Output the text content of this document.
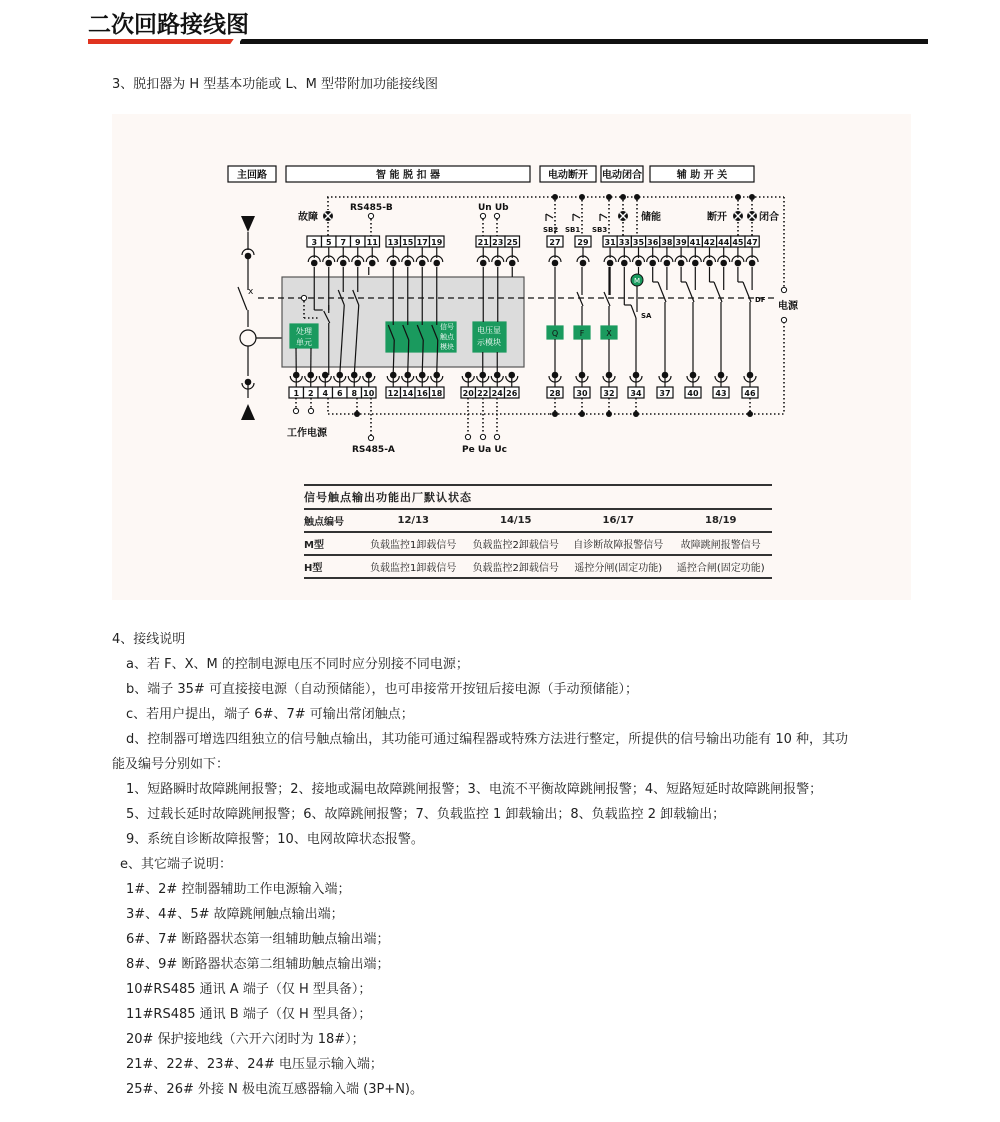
二次回路接线图
3、脱扣器为 H 型基本功能或 L、M 型带附加功能接线图
主回路	智 能 脱 扣 器	电动断开 电动闭合	辅 助 开 关
电源
x
3 5 7 9 11 13 15 17 19	21 23 25	27 29 31 33 35 36 38 39 41 42 44 45 47
1 2 4 6 8 10 12 14 16 18	20 22 24 26	28 30 32 34 37 40 43 46
故障
RS485-B
处理
单元
信号
触点
模块
电压显
示模块
Un Ub
工作电源
RS485-A	Pe Ua Uc
SB2 SB1 SB3
Q	F	X
储能
M
SA
DF
断开	闭合
信号触点输出功能出厂默认状态
触点编号	12/13	14/15	16/17	18/19
M型	负载监控1卸载信号	负载监控2卸载信号	自诊断故障报警信号	故障跳闸报警信号
H型	负载监控1卸载信号	负载监控2卸载信号	遥控分闸(固定功能)	遥控合闸(固定功能)
4、接线说明
a、若 F、X、M 的控制电源电压不同时应分别接不同电源；
b、端子 35# 可直接接电源（自动预储能），也可串接常开按钮后接电源（手动预储能）；
c、若用户提出，端子 6#、7# 可输出常闭触点；
d、控制器可增选四组独立的信号触点输出，其功能可通过编程器或特殊方法进行整定，所提供的信号输出功能有 10 种，其功
能及编号分别如下：
1、短路瞬时故障跳闸报警；2、接地或漏电故障跳闸报警；3、电流不平衡故障跳闸报警；4、短路短延时故障跳闸报警；
5、过载长延时故障跳闸报警；6、故障跳闸报警；7、负载监控 1 卸载输出；8、负载监控 2 卸载输出；
9、系统自诊断故障报警；10、电网故障状态报警。
e、其它端子说明：
1#、2# 控制器辅助工作电源输入端；
3#、4#、5# 故障跳闸触点输出端；
6#、7# 断路器状态第一组辅助触点输出端；
8#、9# 断路器状态第二组辅助触点输出端；
10#RS485 通讯 A 端子（仅 H 型具备）；
11#RS485 通讯 B 端子（仅 H 型具备）；
20# 保护接地线（六开六闭时为 18#）；
21#、22#、23#、24# 电压显示输入端；
25#、26# 外接 N 极电流互感器输入端 (3P+N)。
